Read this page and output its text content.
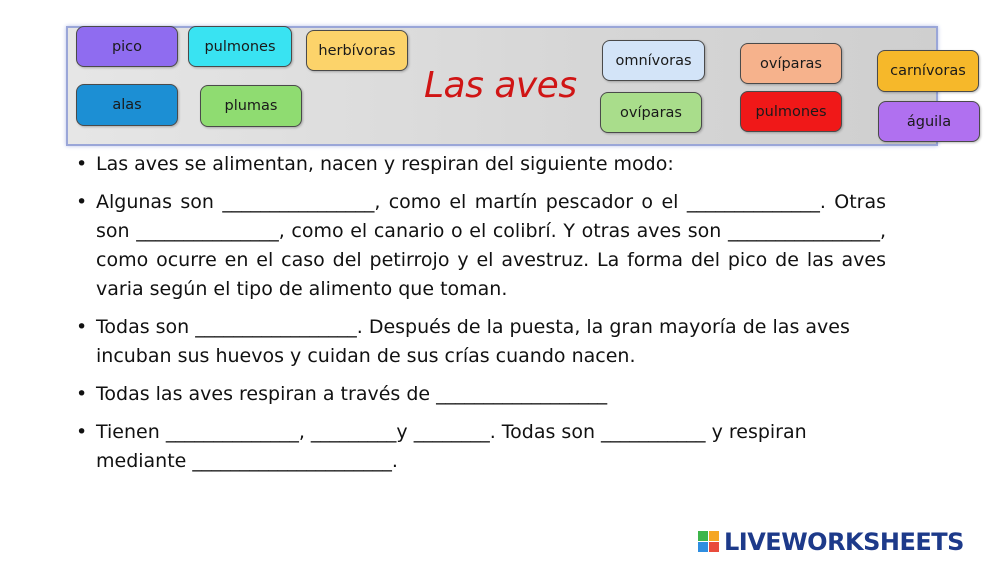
Las aves
pico	pulmones	herbívoras
alas	plumas
omnívoras	ovíparas
ovíparas	pulmones
carnívoras
águila
• Las aves se alimentan, nacen y respiran del siguiente modo:
• Algunas son ________________, como el martín pescador o el ______________. Otras son _______________, como el canario o el colibrí. Y otras aves son ________________, como ocurre en el caso del petirrojo y el avestruz. La forma del pico de las aves varia según el tipo de alimento que toman.
• Todas son _________________. Después de la puesta, la gran mayoría de las aves incuban sus huevos y cuidan de sus crías cuando nacen.
• Todas las aves respiran a través de __________________
• Tienen ______________, _________y ________. Todas son ___________ y respiran mediante _____________________.
LIVEWORKSHEETS
